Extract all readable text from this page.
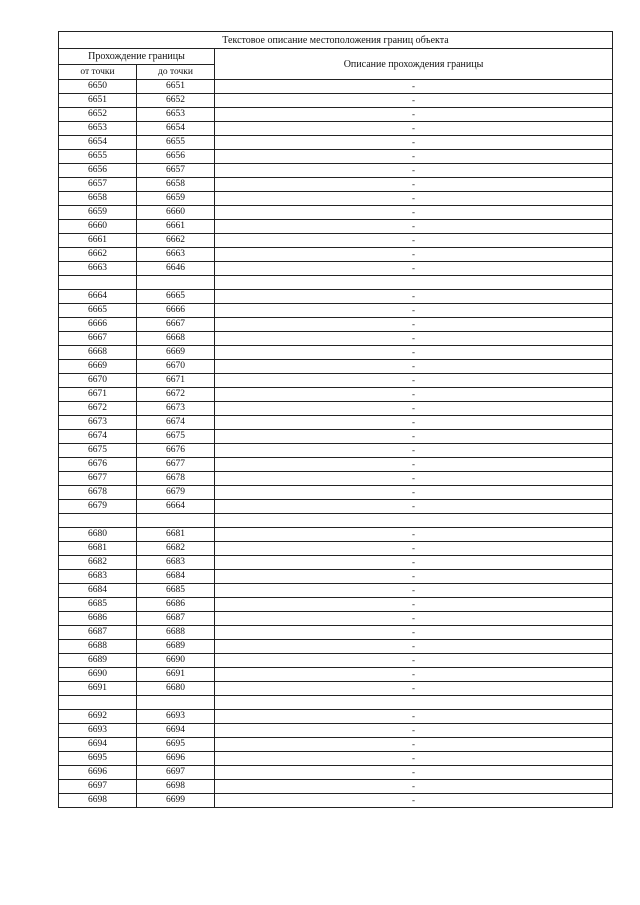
Текстовое описание местоположения границ объекта		
Прохождение границы		Описание прохождения границы
от точки	до точки	
6650	6651	-
6651	6652	-
6652	6653	-
6653	6654	-
6654	6655	-
6655	6656	-
6656	6657	-
6657	6658	-
6658	6659	-
6659	6660	-
6660	6661	-
6661	6662	-
6662	6663	-
6663	6646	-

6664	6665	-
6665	6666	-
6666	6667	-
6667	6668	-
6668	6669	-
6669	6670	-
6670	6671	-
6671	6672	-
6672	6673	-
6673	6674	-
6674	6675	-
6675	6676	-
6676	6677	-
6677	6678	-
6678	6679	-
6679	6664	-

6680	6681	-
6681	6682	-
6682	6683	-
6683	6684	-
6684	6685	-
6685	6686	-
6686	6687	-
6687	6688	-
6688	6689	-
6689	6690	-
6690	6691	-
6691	6680	-

6692	6693	-
6693	6694	-
6694	6695	-
6695	6696	-
6696	6697	-
6697	6698	-
6698	6699	-
